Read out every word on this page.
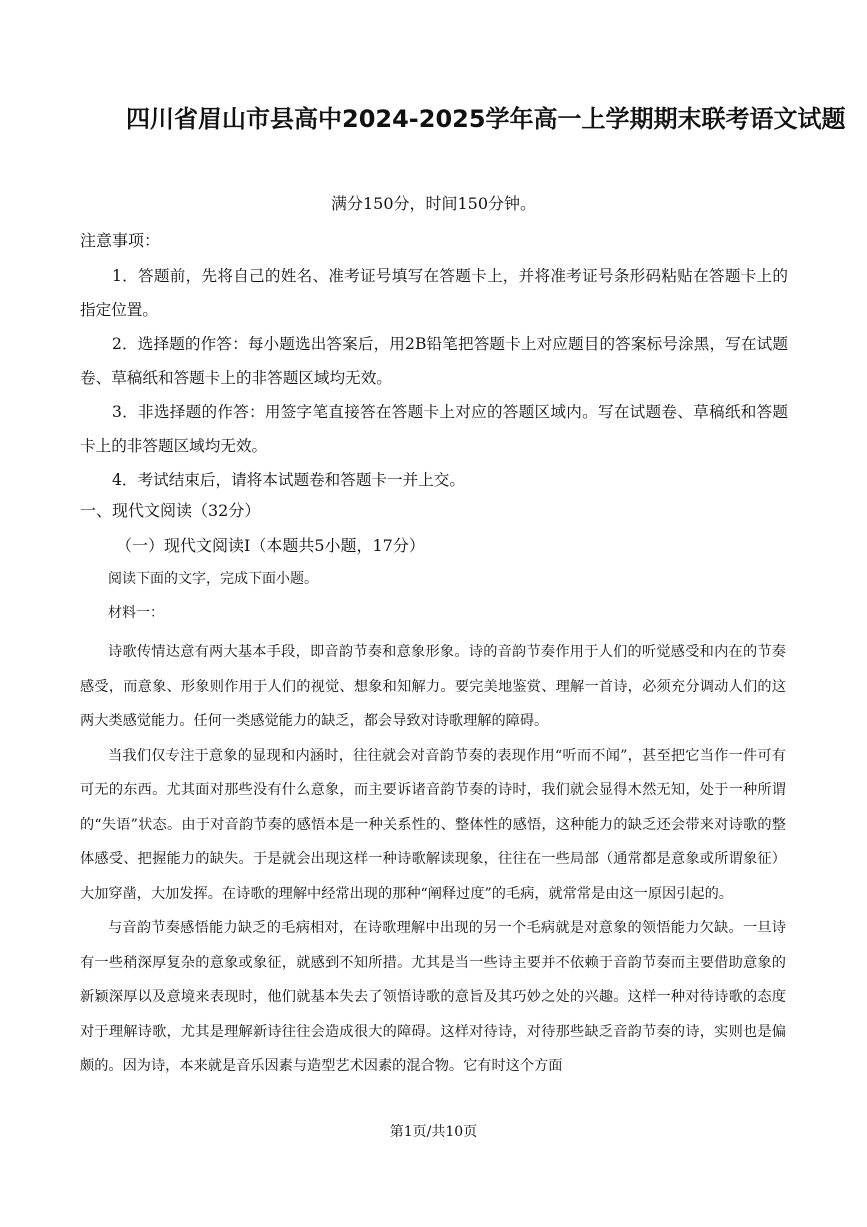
四川省眉山市县高中2024-2025学年高一上学期期末联考语文试题
满分150分，时间150分钟。
注意事项：

1．答题前，先将自己的姓名、准考证号填写在答题卡上，并将准考证号条形码粘贴在答题卡上的指定位置。

2．选择题的作答：每小题选出答案后，用2B铅笔把答题卡上对应题目的答案标号涂黑，写在试题卷、草稿纸和答题卡上的非答题区域均无效。

3．非选择题的作答：用签字笔直接答在答题卡上对应的答题区域内。写在试题卷、草稿纸和答题卡上的非答题区域均无效。

4．考试结束后，请将本试题卷和答题卡一并上交。

一、现代文阅读（32分）
（一）现代文阅读Ⅰ（本题共5小题，17分）
阅读下面的文字，完成下面小题。
材料一：

诗歌传情达意有两大基本手段，即音韵节奏和意象形象。诗的音韵节奏作用于人们的听觉感受和内在的节奏感受，而意象、形象则作用于人们的视觉、想象和知解力。要完美地鉴赏、理解一首诗，必须充分调动人们的这两大类感觉能力。任何一类感觉能力的缺乏，都会导致对诗歌理解的障碍。

当我们仅专注于意象的显现和内涵时，往往就会对音韵节奏的表现作用“听而不闻”，甚至把它当作一件可有可无的东西。尤其面对那些没有什么意象，而主要诉诸音韵节奏的诗时，我们就会显得木然无知，处于一种所谓的“失语”状态。由于对音韵节奏的感悟本是一种关系性的、整体性的感悟，这种能力的缺乏还会带来对诗歌的整体感受、把握能力的缺失。于是就会出现这样一种诗歌解读现象，往往在一些局部（通常都是意象或所谓象征）大加穿凿，大加发挥。在诗歌的理解中经常出现的那种“阐释过度”的毛病，就常常是由这一原因引起的。

与音韵节奏感悟能力缺乏的毛病相对，在诗歌理解中出现的另一个毛病就是对意象的领悟能力欠缺。一旦诗有一些稍深厚复杂的意象或象征，就感到不知所措。尤其是当一些诗主要并不依赖于音韵节奏而主要借助意象的新颖深厚以及意境来表现时，他们就基本失去了领悟诗歌的意旨及其巧妙之处的兴趣。这样一种对待诗歌的态度对于理解诗歌，尤其是理解新诗往往会造成很大的障碍。这样对待诗，对待那些缺乏音韵节奏的诗，实则也是偏颇的。因为诗，本来就是音乐因素与造型艺术因素的混合物。它有时这个方面

第1页/共10页
